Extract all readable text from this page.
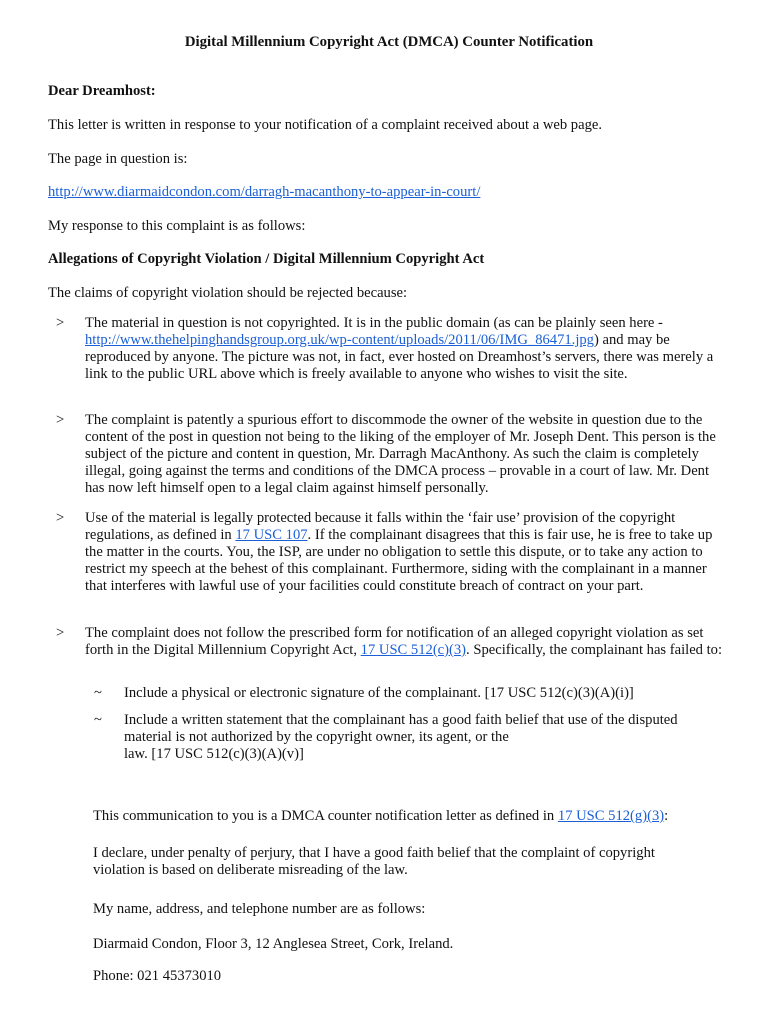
Digital Millennium Copyright Act (DMCA) Counter Notification
Dear Dreamhost:
This letter is written in response to your notification of a complaint received about a web page.
The page in question is:
http://www.diarmaidcondon.com/darragh-macanthony-to-appear-in-court/
My response to this complaint is as follows:
Allegations of Copyright Violation / Digital Millennium Copyright Act
The claims of copyright violation should be rejected because:
> The material in question is not copyrighted. It is in the public domain (as can be plainly seen here - http://www.thehelpinghandsgroup.org.uk/wp-content/uploads/2011/06/IMG_86471.jpg) and may be reproduced by anyone. The picture was not, in fact, ever hosted on Dreamhost’s servers, there was merely a link to the public URL above which is freely available to anyone who wishes to visit the site.

> The complaint is patently a spurious effort to discommode the owner of the website in question due to the content of the post in question not being to the liking of the employer of Mr. Joseph Dent. This person is the subject of the picture and content in question, Mr. Darragh MacAnthony. As such the claim is completely illegal, going against the terms and conditions of the DMCA process – provable in a court of law. Mr. Dent has now left himself open to a legal claim against himself personally.

> Use of the material is legally protected because it falls within the ‘fair use’ provision of the copyright regulations, as defined in 17 USC 107. If the complainant disagrees that this is fair use, he is free to take up the matter in the courts. You, the ISP, are under no obligation to settle this dispute, or to take any action to restrict my speech at the behest of this complainant. Furthermore, siding with the complainant in a manner that interferes with lawful use of your facilities could constitute breach of contract on your part.

> The complaint does not follow the prescribed form for notification of an alleged copyright violation as set forth in the Digital Millennium Copyright Act, 17 USC 512(c)(3). Specifically, the complainant has failed to:

~ Include a physical or electronic signature of the complainant. [17 USC 512(c)(3)(A)(i)]
~ Include a written statement that the complainant has a good faith belief that use of the disputed
material is not authorized by the copyright owner, its agent, or the
law. [17 USC 512(c)(3)(A)(v)]

This communication to you is a DMCA counter notification letter as defined in 17 USC 512(g)(3):

I declare, under penalty of perjury, that I have a good faith belief that the complaint of copyright violation is based on deliberate misreading of the law.

My name, address, and telephone number are as follows:
Diarmaid Condon, Floor 3, 12 Anglesea Street, Cork, Ireland.
Phone: 021 45373010
